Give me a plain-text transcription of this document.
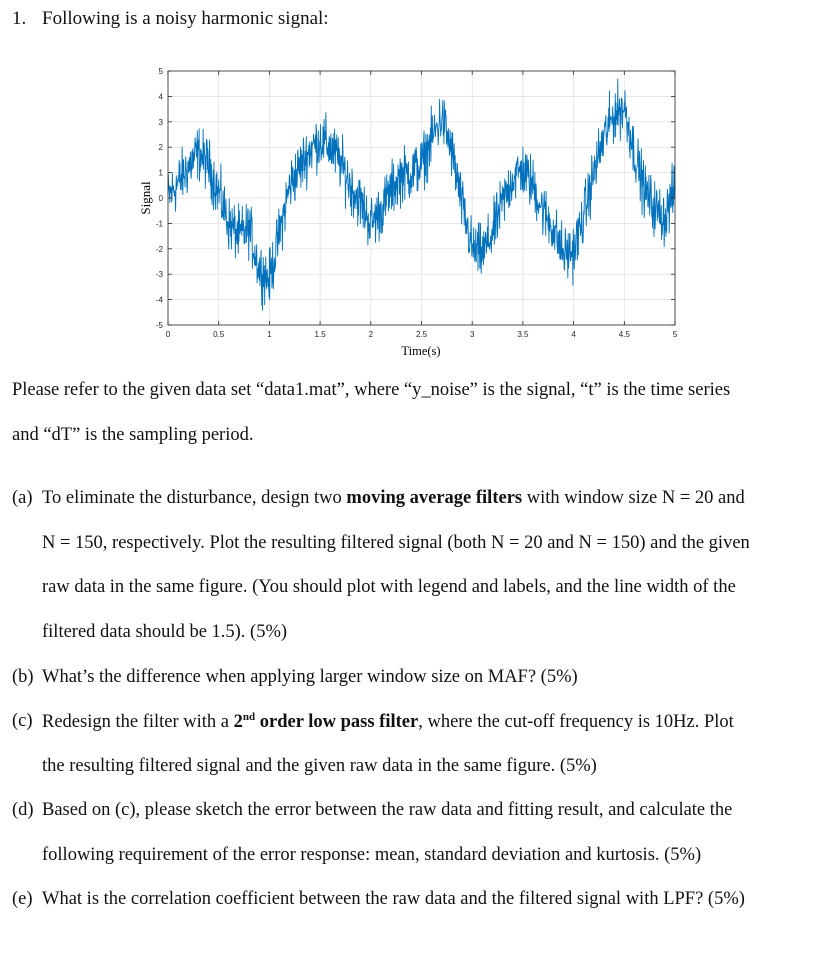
1. Following is a noisy harmonic signal:
0	0.5	1	1.5	2	2.5	3	3.5	4	4.5	5
5
4
3
2
1
0
-1
-2
-3
-4
-5
Signal
Time(s)
Please refer to the given data set “data1.mat”, where “y_noise” is the signal, “t” is the time series
and “dT” is the sampling period.
(a) To eliminate the disturbance, design two moving average filters with window size N = 20 and
N = 150, respectively. Plot the resulting filtered signal (both N = 20 and N = 150) and the given
raw data in the same figure. (You should plot with legend and labels, and the line width of the
filtered data should be 1.5). (5%)
(b) What’s the difference when applying larger window size on MAF? (5%)
(c) Redesign the filter with a 2nd order low pass filter, where the cut-off frequency is 10Hz. Plot
the resulting filtered signal and the given raw data in the same figure. (5%)
(d) Based on (c), please sketch the error between the raw data and fitting result, and calculate the
following requirement of the error response: mean, standard deviation and kurtosis. (5%)
(e) What is the correlation coefficient between the raw data and the filtered signal with LPF? (5%)
